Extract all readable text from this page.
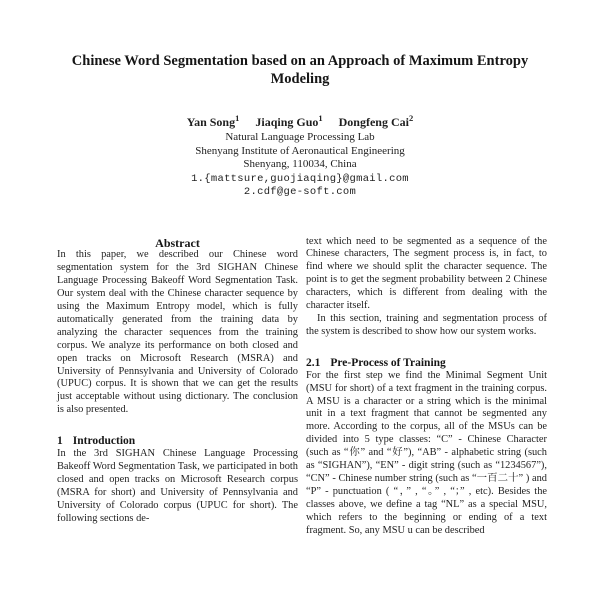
Chinese Word Segmentation based on an Approach of Maximum Entropy Modeling
Yan Song$^1$ Jiaqing Guo$^1$ Dongfeng Cai$^2$
Natural Language Processing Lab
Shenyang Institute of Aeronautical Engineering
Shenyang, 110034, China
1.{mattsure,guojiaqing}@gmail.com
2.cdf@ge-soft.com
Abstract

In this paper, we described our Chinese word segmentation system for the 3rd SIGHAN Chinese Language Processing Bakeoff Word Segmentation Task. Our system deal with the Chinese character sequence by using the Maximum Entropy model, which is fully automatically generated from the training data by analyzing the character sequences from the training corpus. We analyze its performance on both closed and open tracks on Microsoft Research (MSRA) and University of Pennsylvania and University of Colorado (UPUC) corpus. It is shown that we can get the results just acceptable without using dictionary. The conclusion is also presented.

1 Introduction

In the 3rd SIGHAN Chinese Language Processing Bakeoff Word Segmentation Task, we participated in both closed and open tracks on Microsoft Research corpus (MSRA for short) and University of Pennsylvania and University of Colorado corpus (UPUC for short). The following sections de-

text which need to be segmented as a sequence of the Chinese characters, The segment process is, in fact, to find where we should split the character sequence. The point is to get the segment probability between 2 Chinese characters, which is different from dealing with the character itself.

In this section, training and segmentation process of the system is described to show how our system works.

2.1 Pre-Process of Training

For the first step we find the Minimal Segment Unit (MSU for short) of a text fragment in the training corpus. A MSU is a character or a string which is the minimal unit in a text fragment that cannot be segmented any more. According to the corpus, all of the MSUs can be divided into 5 type classes: “C” - Chinese Character (such as “你” and “好”), “AB” - alphabetic string (such as “SIGHAN”), “EN” - digit string (such as “1234567”), “CN” - Chinese number string (such as “一百二十” ) and “P” - punctuation ( “，” , “。” , “；” , etc). Besides the classes above, we define a tag “NL” as a special MSU, which refers to the beginning or ending of a text fragment. So, any MSU u can be described
